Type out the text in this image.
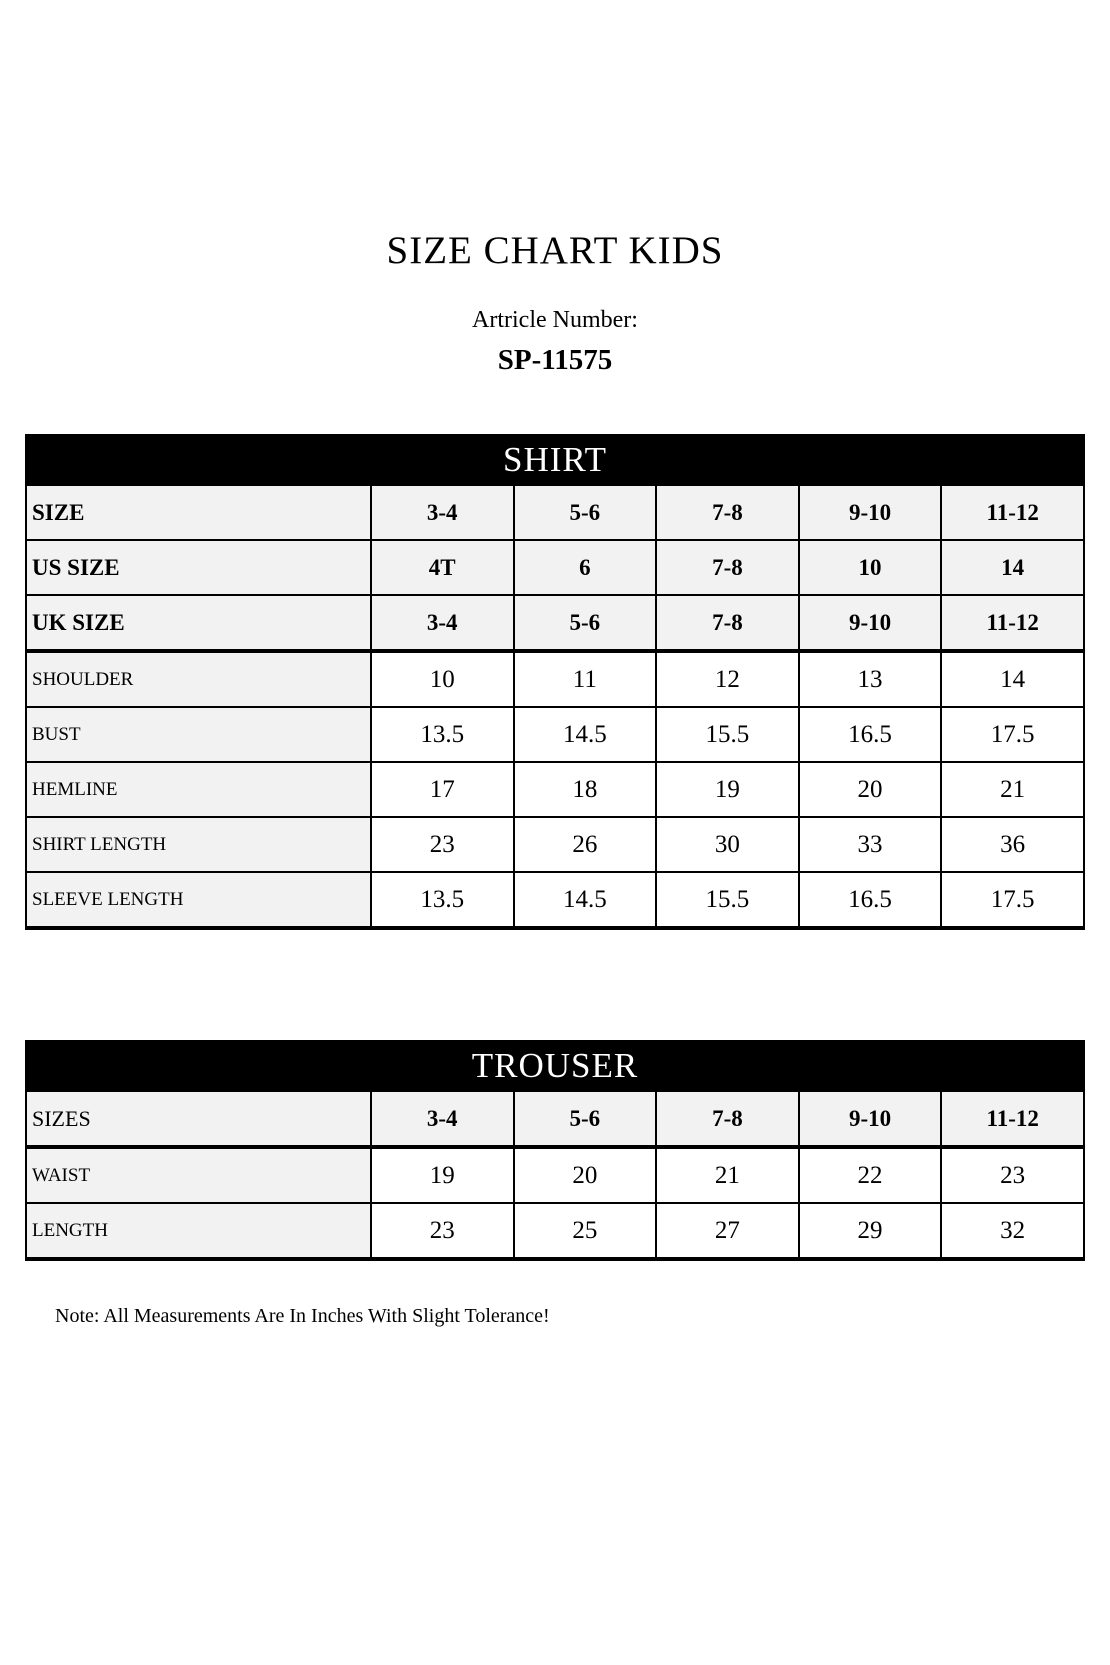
SIZE CHART KIDS
Artricle Number:
SP-11575
SHIRT					
SIZE	3-4	5-6	7-8	9-10	11-12
US SIZE	4T	6	7-8	10	14
UK SIZE	3-4	5-6	7-8	9-10	11-12
SHOULDER	10	11	12	13	14
BUST	13.5	14.5	15.5	16.5	17.5
HEMLINE	17	18	19	20	21
SHIRT LENGTH	23	26	30	33	36
SLEEVE LENGTH	13.5	14.5	15.5	16.5	17.5
TROUSER					
SIZES	3-4	5-6	7-8	9-10	11-12
WAIST	19	20	21	22	23
LENGTH	23	25	27	29	32
Note: All Measurements Are In Inches With Slight Tolerance!
